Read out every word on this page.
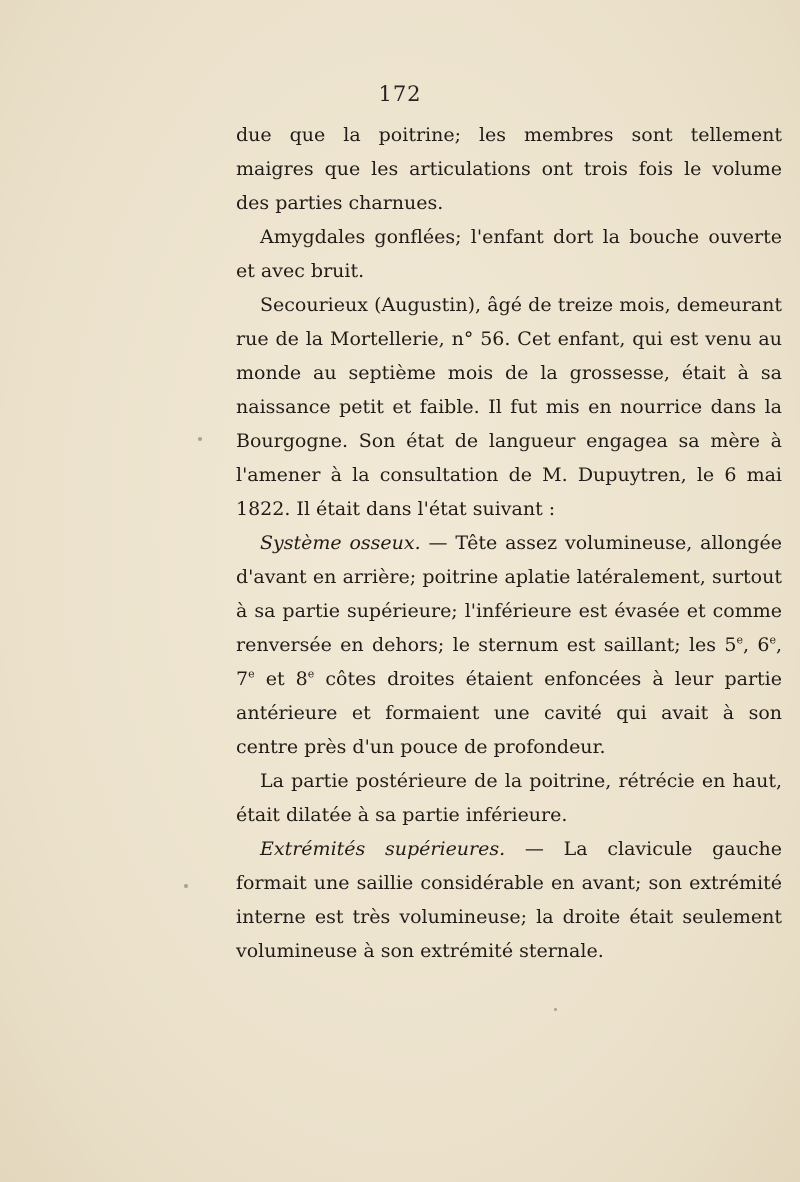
172

due que la poitrine; les membres sont tellement maigres que les articulations ont trois fois le volume des parties charnues.

Amygdales gonflées; l'enfant dort la bouche ouverte et avec bruit.

Secourieux (Augustin), âgé de treize mois, demeurant rue de la Mortellerie, n° 56. Cet enfant, qui est venu au monde au septième mois de la grossesse, était à sa naissance petit et faible. Il fut mis en nourrice dans la Bourgogne. Son état de langueur engagea sa mère à l'amener à la consultation de M. Dupuytren, le 6 mai 1822. Il était dans l'état suivant :

Système osseux. — Tête assez volumineuse, allongée d'avant en arrière; poitrine aplatie latéralement, surtout à sa partie supérieure; l'inférieure est évasée et comme renversée en dehors; le sternum est saillant; les 5e, 6e, 7e et 8e côtes droites étaient enfoncées à leur partie antérieure et formaient une cavité qui avait à son centre près d'un pouce de profondeur.

La partie postérieure de la poitrine, rétrécie en haut, était dilatée à sa partie inférieure.

Extrémités supérieures. — La clavicule gauche formait une saillie considérable en avant; son extrémité interne est très volumineuse; la droite était seulement volumineuse à son extrémité sternale.
